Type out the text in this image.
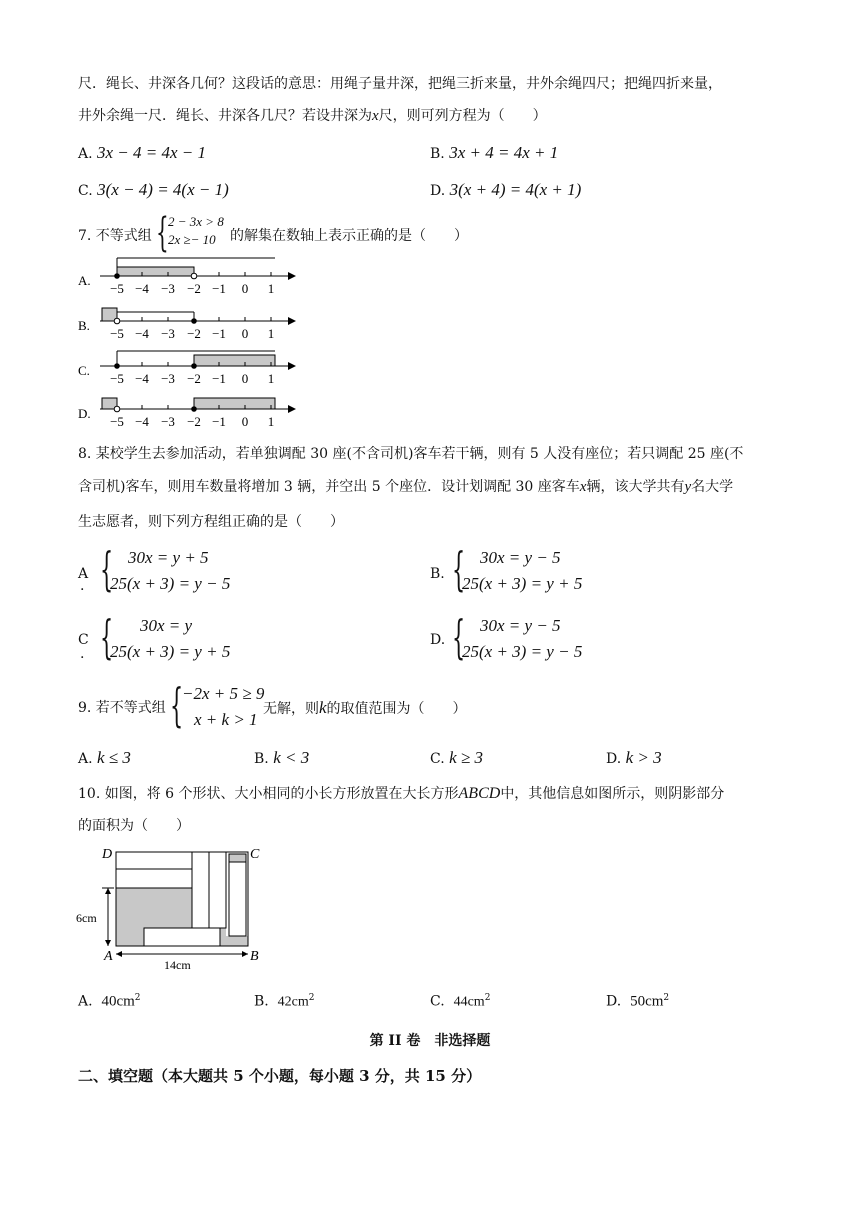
尺．绳长、井深各几何？这段话的意思：用绳子量井深，把绳三折来量，井外余绳四尺；把绳四折来量，
井外余绳一尺．绳长、井深各几尺？若设井深为x尺，则可列方程为（　　）
A. 3x − 4 = 4x − 1	B. 3x + 4 = 4x + 1
C. 3(x − 4) = 4(x − 1)	D. 3(x + 4) = 4(x + 1)
7. 不等式组 { 2 − 3x > 8
2x ≥− 10 的解集在数轴上表示正确的是（　　）
A.
−5 −4 −3 −2 −1 0 1
B.
−5 −4 −3 −2 −1 0 1
C.
−5 −4 −3 −2 −1 0 1
D.
−5 −4 −3 −2 −1 0 1
8. 某校学生去参加活动，若单独调配 30 座(不含司机)客车若干辆，则有 5 人没有座位；若只调配 25 座(不
含司机)客车，则用车数量将增加 3 辆，并空出 5 个座位．设计划调配 30 座客车x辆，该大学共有y名大学
生志愿者，则下列方程组正确的是（　　）
A
. { 30x = y + 5
25(x + 3) = y − 5	B. { 30x = y − 5
25(x + 3) = y + 5
C
. { 30x = y
25(x + 3) = y + 5
D. { 30x = y − 5
25(x + 3) = y − 5
9. 若不等式组 {
−2x + 5 ≥ 9
x + k > 1
无解，则k的取值范围为（　　）
A. k ≤ 3	B. k < 3	C. k ≥ 3	D. k > 3
10. 如图，将 6 个形状、大小相同的小长方形放置在大长方形ABCD中，其他信息如图所示，则阴影部分
的面积为（　　）
D	C
A	B
6cm
14cm
A. $40cm^2$	B. $42cm^2$	C. $44cm^2$	D. $50cm^2$
第 II 卷　非选择题
二、填空题（本大题共 5 个小题，每小题 3 分，共 15 分）
